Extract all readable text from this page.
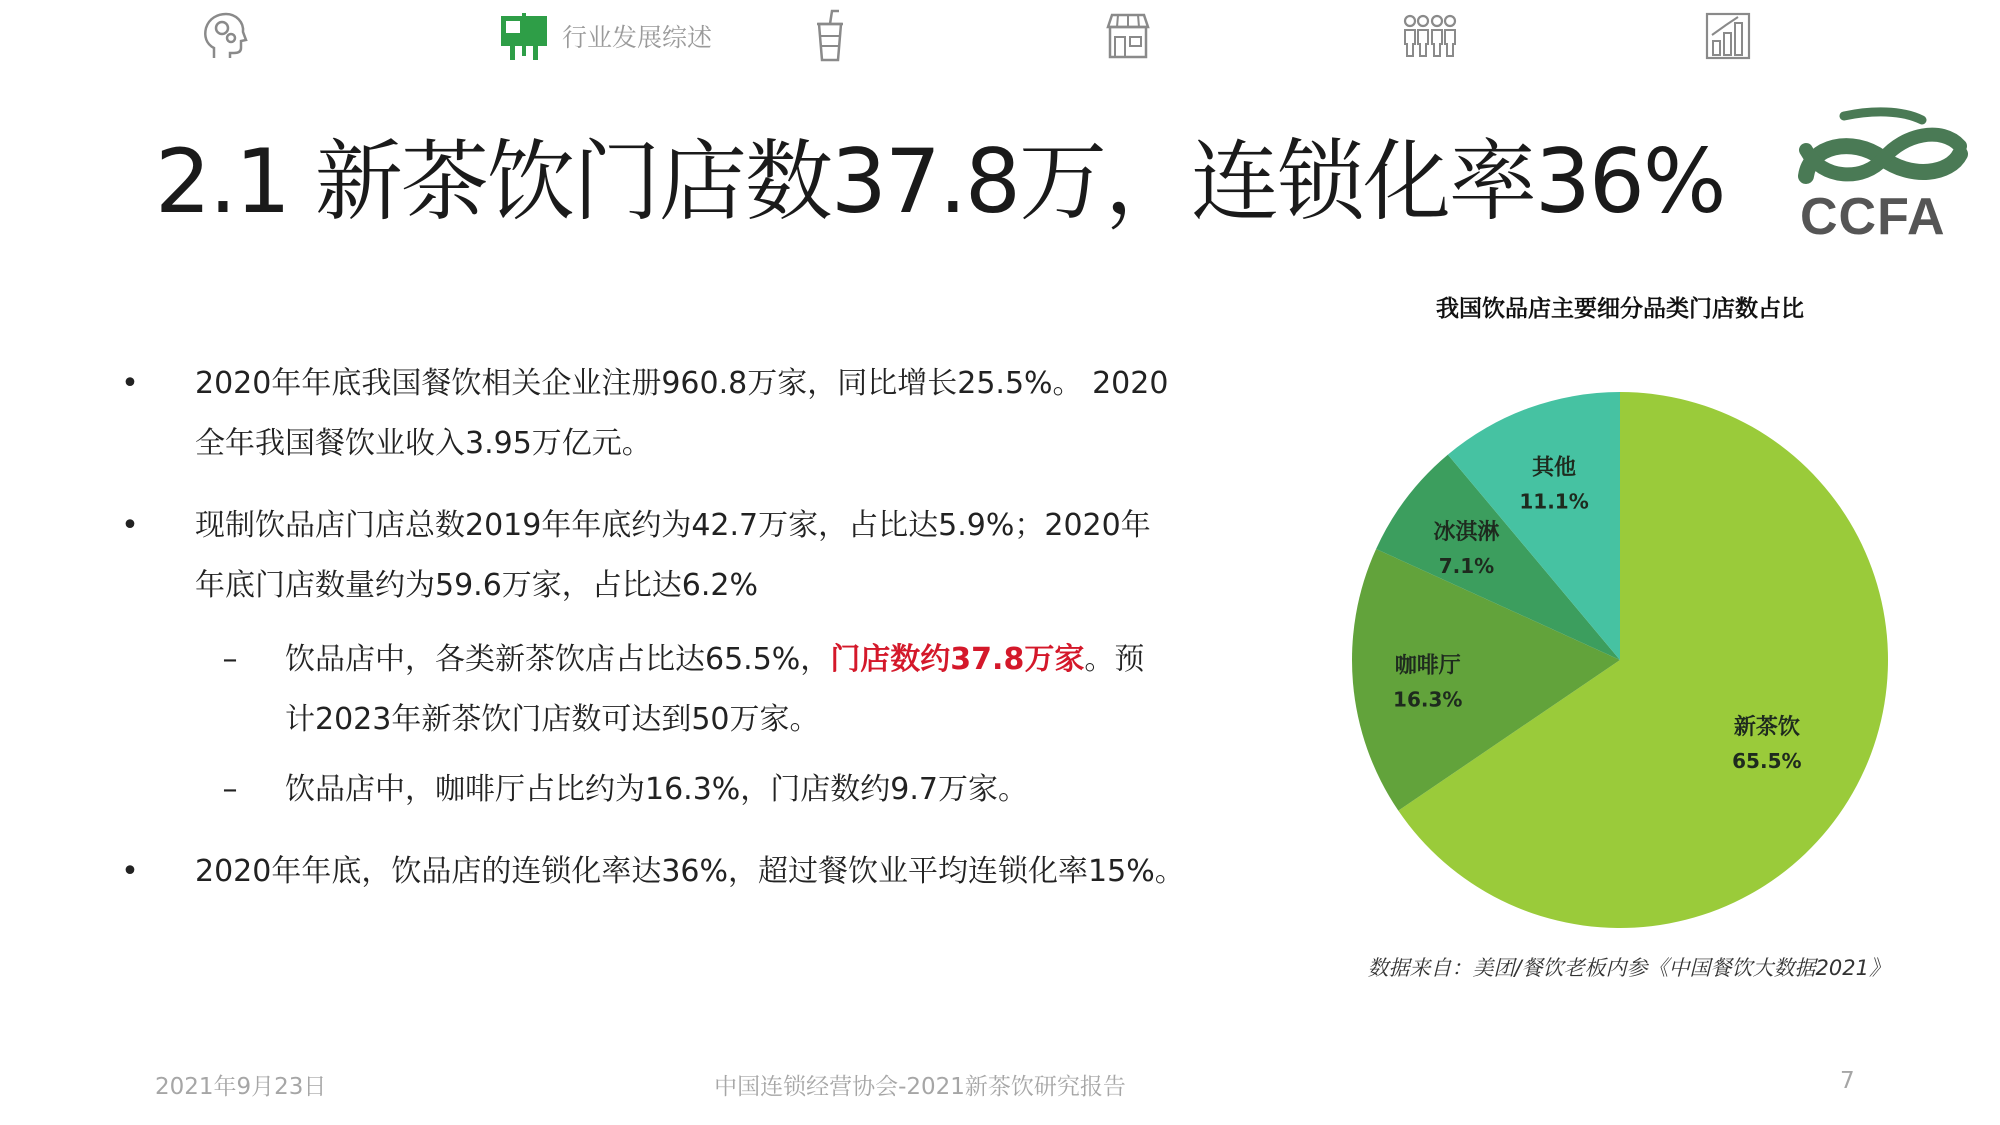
行业发展综述
2.1 新茶饮门店数37.8万，连锁化率36% CCFA
•	2020年年底我国餐饮相关企业注册960.8万家，同比增长25.5%。 2020
全年我国餐饮业收入3.95万亿元。
•	现制饮品店门店总数2019年年底约为42.7万家，占比达5.9%；2020年
年底门店数量约为59.6万家，占比达6.2%
–	饮品店中，各类新茶饮店占比达65.5%，门店数约37.8万家。预
计2023年新茶饮门店数可达到50万家。
–	饮品店中，咖啡厅占比约为16.3%，门店数约9.7万家。
•	2020年年底，饮品店的连锁化率达36%，超过餐饮业平均连锁化率15%。
我国饮品店主要细分品类门店数占比
新茶饮
65.5%
咖啡厅
16.3%
冰淇淋
7.1%
其他
11.1%
数据来自：美团/餐饮老板内参《中国餐饮大数据2021》
2021年9月23日	中国连锁经营协会-2021新茶饮研究报告	7
